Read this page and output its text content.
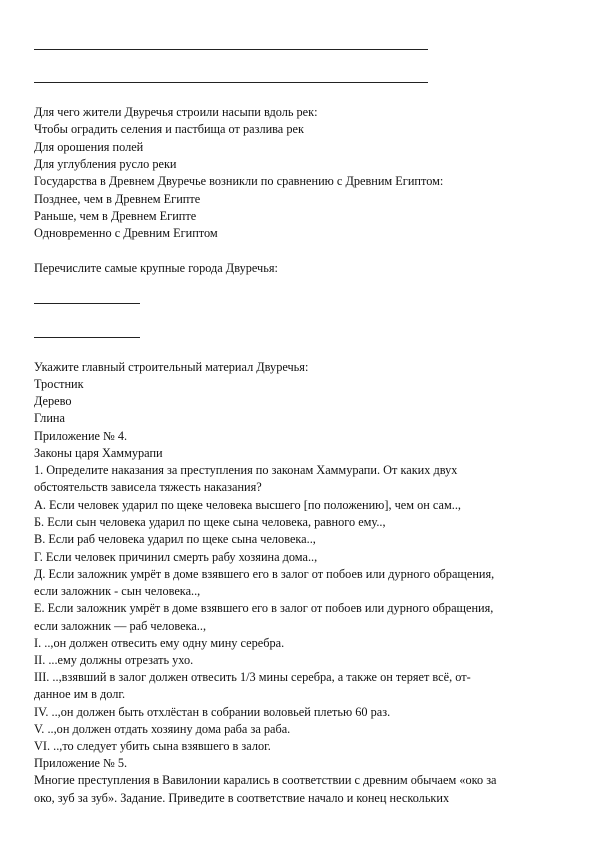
Для чего жители Двуречья строили насыпи вдоль рек:
Чтобы оградить селения и пастбища от разлива рек
Для орошения полей
Для углубления русло реки
Государства в Древнем Двуречье возникли по сравнению с Древним Египтом:
Позднее, чем в Древнем Египте
Раньше, чем в Древнем Египте
Одновременно с Древним Египтом
Перечислите самые крупные города Двуречья:
Укажите главный строительный материал Двуречья:
Тростник
Дерево
Глина
Приложение № 4.
Законы царя Хаммурапи
1. Определите наказания за преступления по законам Хаммурапи. От каких двух
обстоятельств зависела тяжесть наказания?
А. Если человек ударил по щеке человека высшего [по положению], чем он сам..,
Б. Если сын человека ударил по щеке сына человека, равного ему..,
В. Если раб человека ударил по щеке сына человека..,
Г. Если человек причинил смерть рабу хозяина дома..,
Д. Если заложник умрёт в доме взявшего его в залог от побоев или дурного обращения,
если заложник - сын человека..,
Е. Если заложник умрёт в доме взявшего его в залог от побоев или дурного обращения,
если заложник — раб человека..,
I. ..,он должен отвесить ему одну мину серебра.
II. ...ему должны отрезать ухо.
III. ..,взявший в залог должен отвесить 1/3 мины серебра, а также он теряет всё, от-
данное им в долг.
IV. ..,он должен быть отхлёстан в собрании воловьей плетью 60 раз.
V. ..,он должен отдать хозяину дома раба за раба.
VI. ..,то следует убить сына взявшего в залог.
Приложение № 5.
Многие преступления в Вавилонии карались в соответствии с древним обычаем «око за
око, зуб за зуб». Задание. Приведите в соответствие начало и конец нескольких
